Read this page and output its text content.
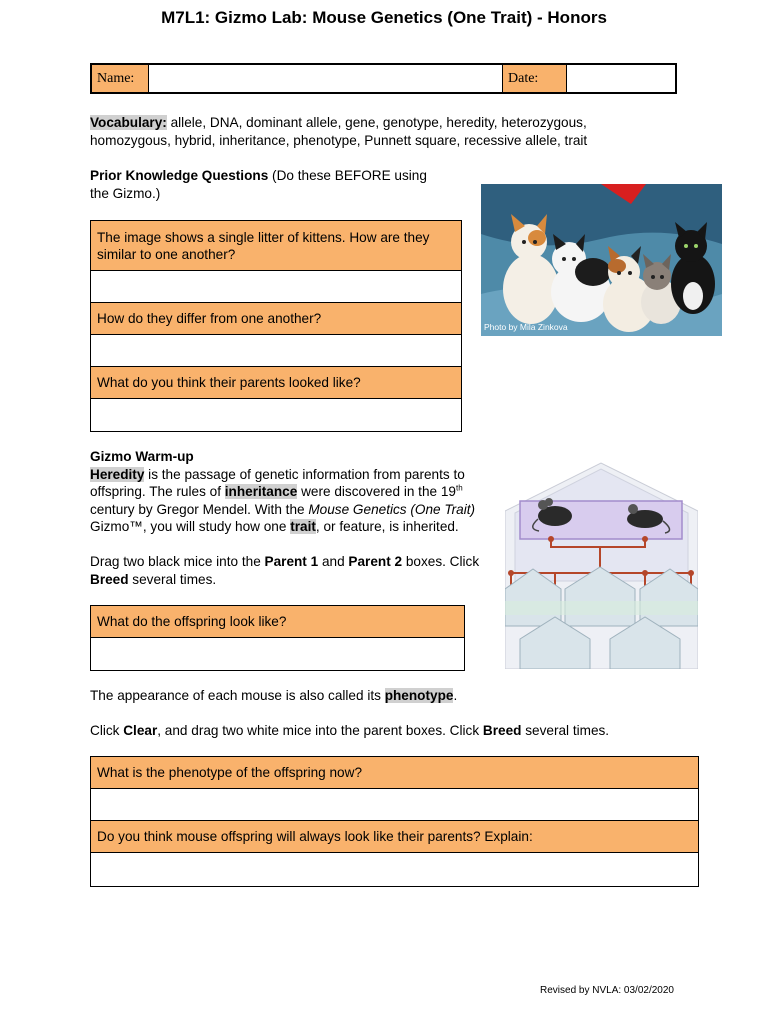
M7L1: Gizmo Lab: Mouse Genetics (One Trait) - Honors
Name:	Date:
Vocabulary: allele, DNA, dominant allele, gene, genotype, heredity, heterozygous, homozygous, hybrid, inheritance, phenotype, Punnett square, recessive allele, trait
Prior Knowledge Questions (Do these BEFORE using the Gizmo.)
The image shows a single litter of kittens. How are they similar to one another?
How do they differ from one another?
What do you think their parents looked like?
Photo by Mila Zinkova
Gizmo Warm-up
Heredity is the passage of genetic information from parents to offspring. The rules of inheritance were discovered in the 19th century by Gregor Mendel. With the Mouse Genetics (One Trait) Gizmo™, you will study how one trait, or feature, is inherited.
Drag two black mice into the Parent 1 and Parent 2 boxes. Click Breed several times.
What do the offspring look like?
The appearance of each mouse is also called its phenotype.
Click Clear, and drag two white mice into the parent boxes. Click Breed several times.
What is the phenotype of the offspring now?
Do you think mouse offspring will always look like their parents? Explain:
Revised by NVLA: 03/02/2020
